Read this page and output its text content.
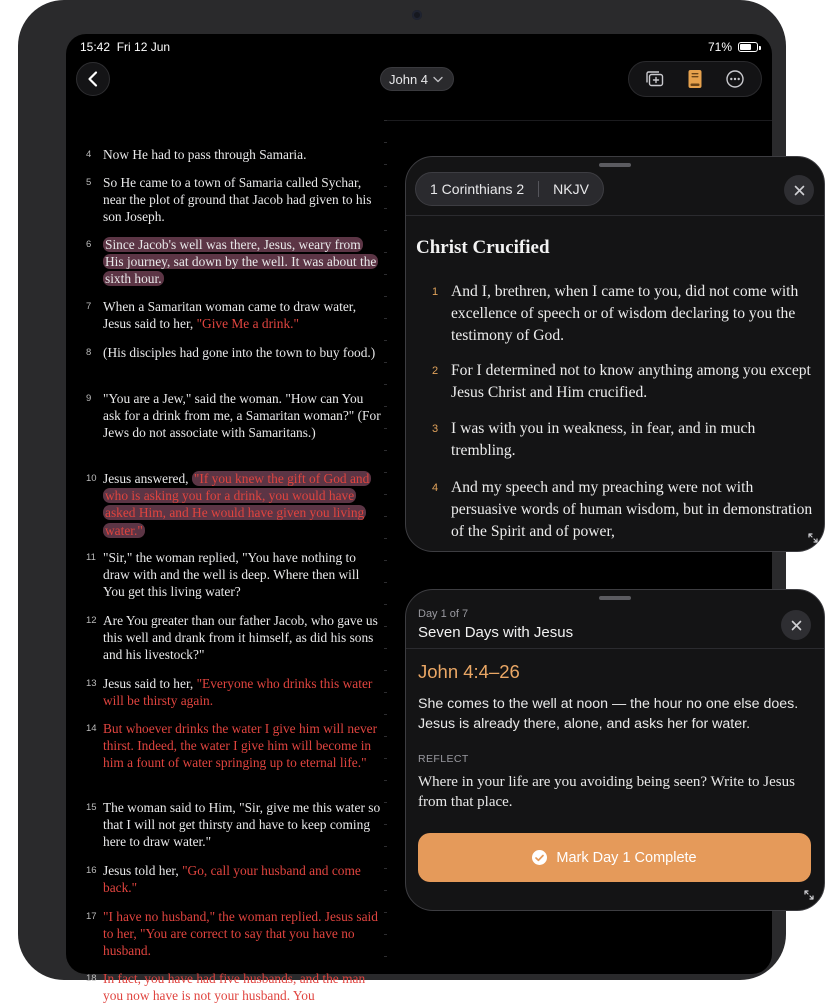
15:42 Fri 12 Jun	71%
John 4
4 Now He had to pass through Samaria.
5 So He came to a town of Samaria called Sychar, near the plot of ground that Jacob had given to his son Joseph.
6	Since Jacob's well was there, Jesus, weary from His journey, sat down by the well. It was about the sixth hour.
7 When a Samaritan woman came to draw water, Jesus said to her, "Give Me a drink."
8 (His disciples had gone into the town to buy food.)
9 "You are a Jew," said the woman. "How can You ask for a drink from me, a Samaritan woman?" (For Jews do not associate with Samaritans.)
10 Jesus answered, "If you knew the gift of God and who is asking you for a drink, you would have asked Him, and He would have given you living water."
11 "Sir," the woman replied, "You have nothing to draw with and the well is deep. Where then will You get this living water?
12 Are You greater than our father Jacob, who gave us this well and drank from it himself, as did his sons and his livestock?"
13 Jesus said to her, "Everyone who drinks this water will be thirsty again.
14 But whoever drinks the water I give him will never thirst. Indeed, the water I give him will become in him a fount of water springing up to eternal life."
15 The woman said to Him, "Sir, give me this water so that I will not get thirsty and have to keep coming here to draw water."
16 Jesus told her, "Go, call your husband and come back."
17 "I have no husband," the woman replied. Jesus said to her, "You are correct to say that you have no husband.
18 In fact, you have had five husbands, and the man you now have is not your husband. You
1 Corinthians 2	NKJV
Christ Crucified
1 And I, brethren, when I came to you, did not come with excellence of speech or of wisdom declaring to you the testimony of God.
2 For I determined not to know anything among you except Jesus Christ and Him crucified.
3 I was with you in weakness, in fear, and in much trembling.
4 And my speech and my preaching were not with persuasive words of human wisdom, but in demonstration of the Spirit and of power,
Day 1 of 7
Seven Days with Jesus
John 4:4–26
She comes to the well at noon — the hour no one else does. Jesus is already there, alone, and asks her for water.
REFLECT
Where in your life are you avoiding being seen? Write to Jesus from that place.
Mark Day 1 Complete
